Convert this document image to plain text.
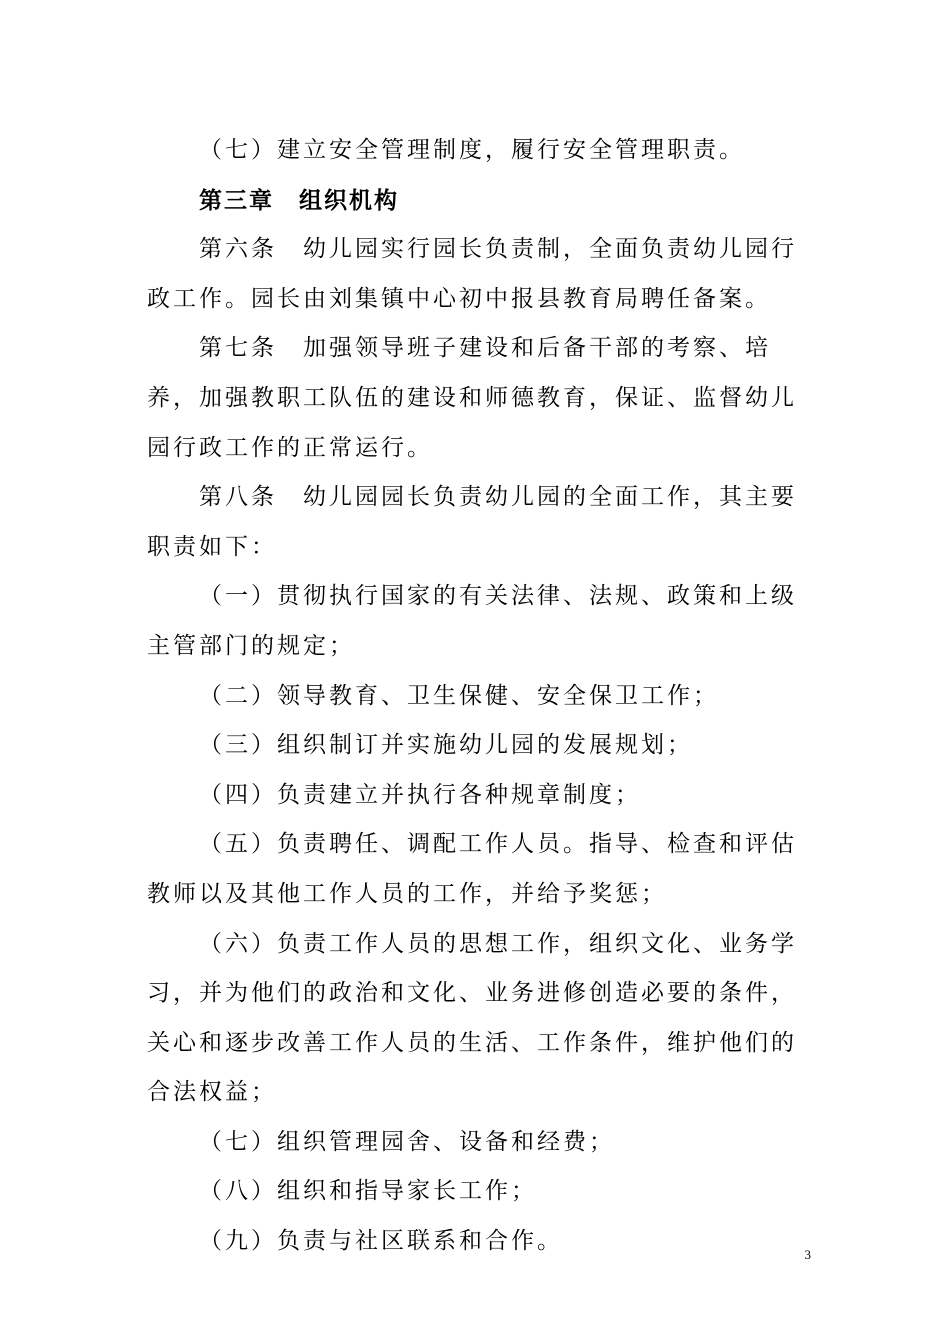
（七）建立安全管理制度，履行安全管理职责。

第三章　组织机构

第六条　幼儿园实行园长负责制，全面负责幼儿园行政工作。园长由刘集镇中心初中报县教育局聘任备案。

第七条　加强领导班子建设和后备干部的考察、培养，加强教职工队伍的建设和师德教育，保证、监督幼儿园行政工作的正常运行。

第八条　幼儿园园长负责幼儿园的全面工作，其主要职责如下：

（一）贯彻执行国家的有关法律、法规、政策和上级主管部门的规定；

（二）领导教育、卫生保健、安全保卫工作；

（三）组织制订并实施幼儿园的发展规划；

（四）负责建立并执行各种规章制度；

（五）负责聘任、调配工作人员。指导、检查和评估教师以及其他工作人员的工作，并给予奖惩；

（六）负责工作人员的思想工作，组织文化、业务学习，并为他们的政治和文化、业务进修创造必要的条件，关心和逐步改善工作人员的生活、工作条件，维护他们的合法权益；

（七）组织管理园舍、设备和经费；

（八）组织和指导家长工作；

（九）负责与社区联系和合作。

3
